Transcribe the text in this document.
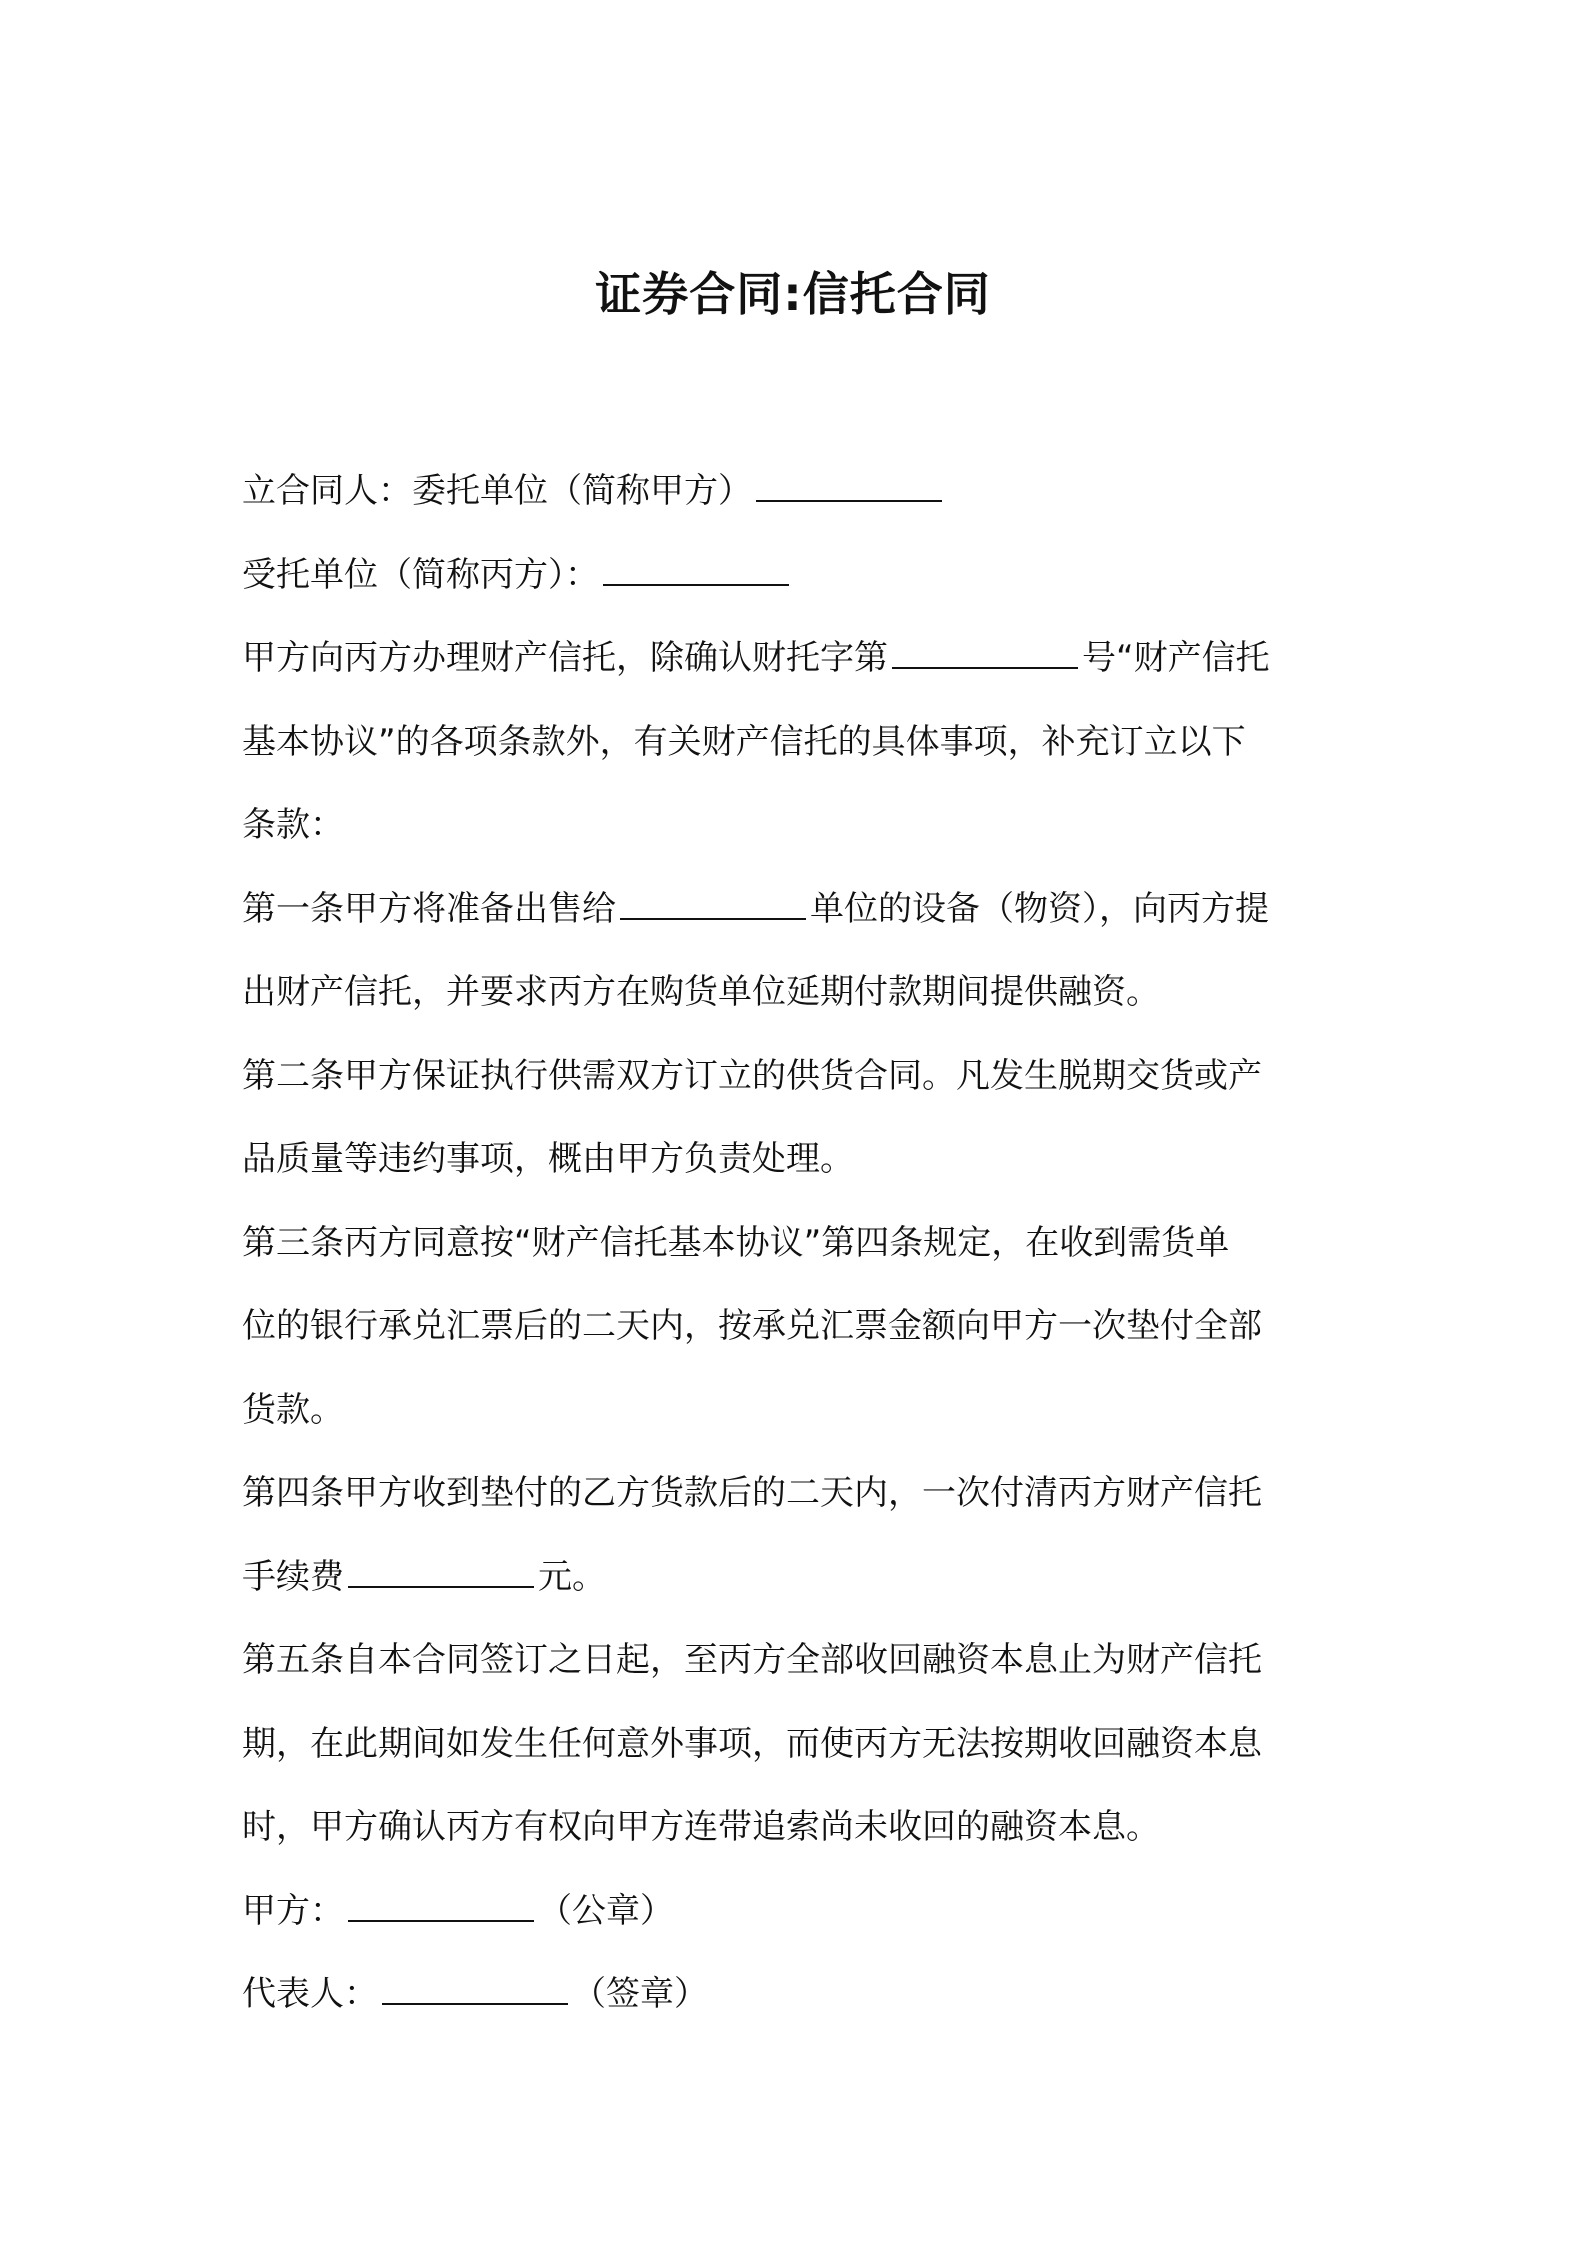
证券合同:信托合同
立合同人：委托单位（简称甲方）
受托单位（简称丙方）：
甲方向丙方办理财产信托，除确认财托字第	号“财产信托
基本协议”的各项条款外，有关财产信托的具体事项，补充订立以下
条款：
第一条甲方将准备出售给	单位的设备（物资），向丙方提
出财产信托，并要求丙方在购货单位延期付款期间提供融资。
第二条甲方保证执行供需双方订立的供货合同。凡发生脱期交货或产
品质量等违约事项，概由甲方负责处理。
第三条丙方同意按“财产信托基本协议”第四条规定，在收到需货单
位的银行承兑汇票后的二天内，按承兑汇票金额向甲方一次垫付全部
货款。
第四条甲方收到垫付的乙方货款后的二天内，一次付清丙方财产信托
手续费	元。
第五条自本合同签订之日起，至丙方全部收回融资本息止为财产信托
期，在此期间如发生任何意外事项，而使丙方无法按期收回融资本息
时，甲方确认丙方有权向甲方连带追索尚未收回的融资本息。
甲方：	（公章）
代表人：	（签章）
